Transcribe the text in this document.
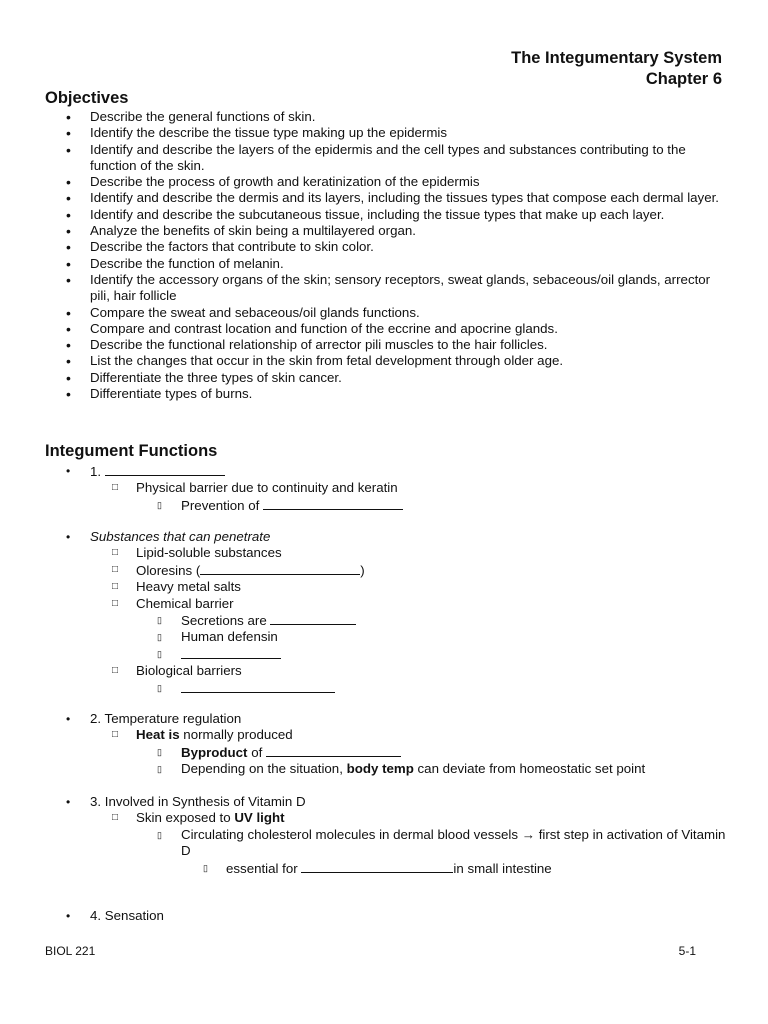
The Integumentary System
Chapter 6
Objectives
• Describe the general functions of skin.
• Identify the describe the tissue type making up the epidermis
• Identify and describe the layers of the epidermis and the cell types and substances contributing to the function of the skin.
• Describe the process of growth and keratinization of the epidermis
• Identify and describe the dermis and its layers, including the tissues types that compose each dermal layer.
• Identify and describe the subcutaneous tissue, including the tissue types that make up each layer.
• Analyze the benefits of skin being a multilayered organ.
• Describe the factors that contribute to skin color.
• Describe the function of melanin.
• Identify the accessory organs of the skin; sensory receptors, sweat glands, sebaceous/oil glands, arrector pili, hair follicle
• Compare the sweat and sebaceous/oil glands functions.
• Compare and contrast location and function of the eccrine and apocrine glands.
• Describe the functional relationship of arrector pili muscles to the hair follicles.
• List the changes that occur in the skin from fetal development through older age.
• Differentiate the three types of skin cancer.
• Differentiate types of burns.
Integument Functions
• 1.
□ Physical barrier due to continuity and keratin
▯ Prevention of
• Substances that can penetrate
□ Lipid-soluble substances
□ Oloresins (	)
□ Heavy metal salts
□ Chemical barrier
▯ Secretions are
▯ Human defensin
▯
□ Biological barriers
▯
• 2. Temperature regulation
□ Heat is normally produced
▯ Byproduct of
▯ Depending on the situation, body temp can deviate from homeostatic set point
• 3. Involved in Synthesis of Vitamin D
□ Skin exposed to UV light
▯ Circulating cholesterol molecules in dermal blood vessels → first step in activation of Vitamin D
▯ essential for	in small intestine
• 4. Sensation
BIOL 221	5-1
